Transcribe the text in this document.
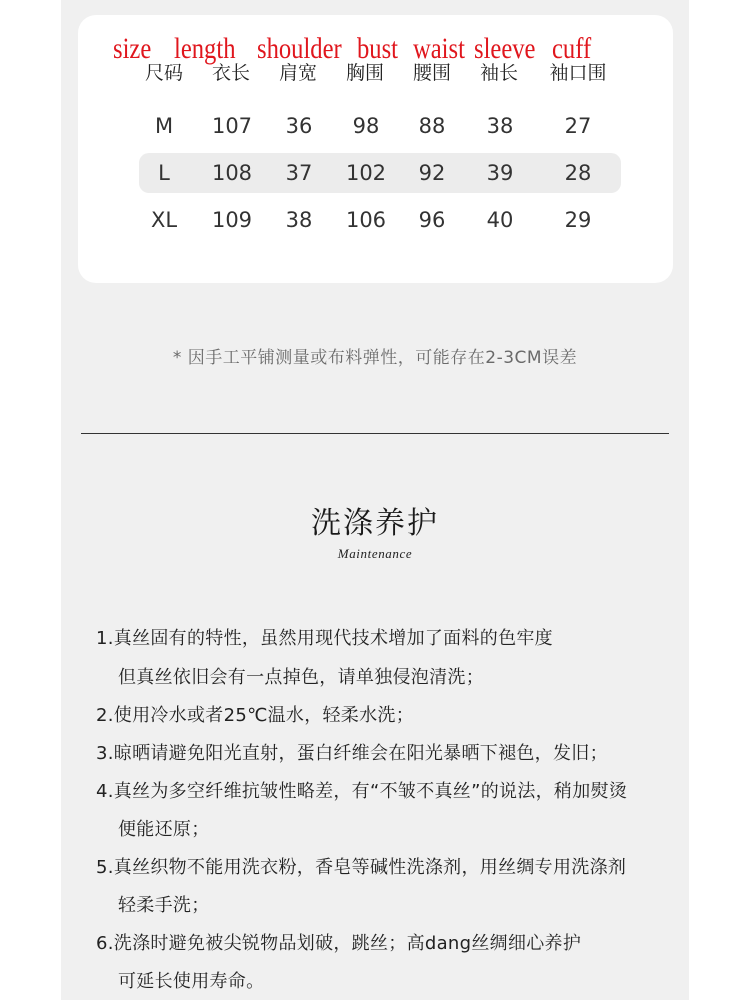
size length shoulder bust waist sleeve cuff
尺码 衣长 肩宽 胸围 腰围 袖长 袖口围
M 107 36 98 88 38 27
L 108 37 102 92 39 28
XL 109 38 106 96 40 29
* 因手工平铺测量或布料弹性，可能存在2-3CM误差
洗涤养护
Maintenance
1.真丝固有的特性，虽然用现代技术增加了面料的色牢度
但真丝依旧会有一点掉色，请单独侵泡清洗；
2.使用冷水或者25℃温水，轻柔水洗；
3.晾晒请避免阳光直射，蛋白纤维会在阳光暴晒下褪色，发旧；
4.真丝为多空纤维抗皱性略差，有“不皱不真丝”的说法，稍加熨烫
便能还原；
5.真丝织物不能用洗衣粉，香皂等碱性洗涤剂，用丝绸专用洗涤剂
轻柔手洗；
6.洗涤时避免被尖锐物品划破，跳丝；高dang丝绸细心养护
可延长使用寿命。
